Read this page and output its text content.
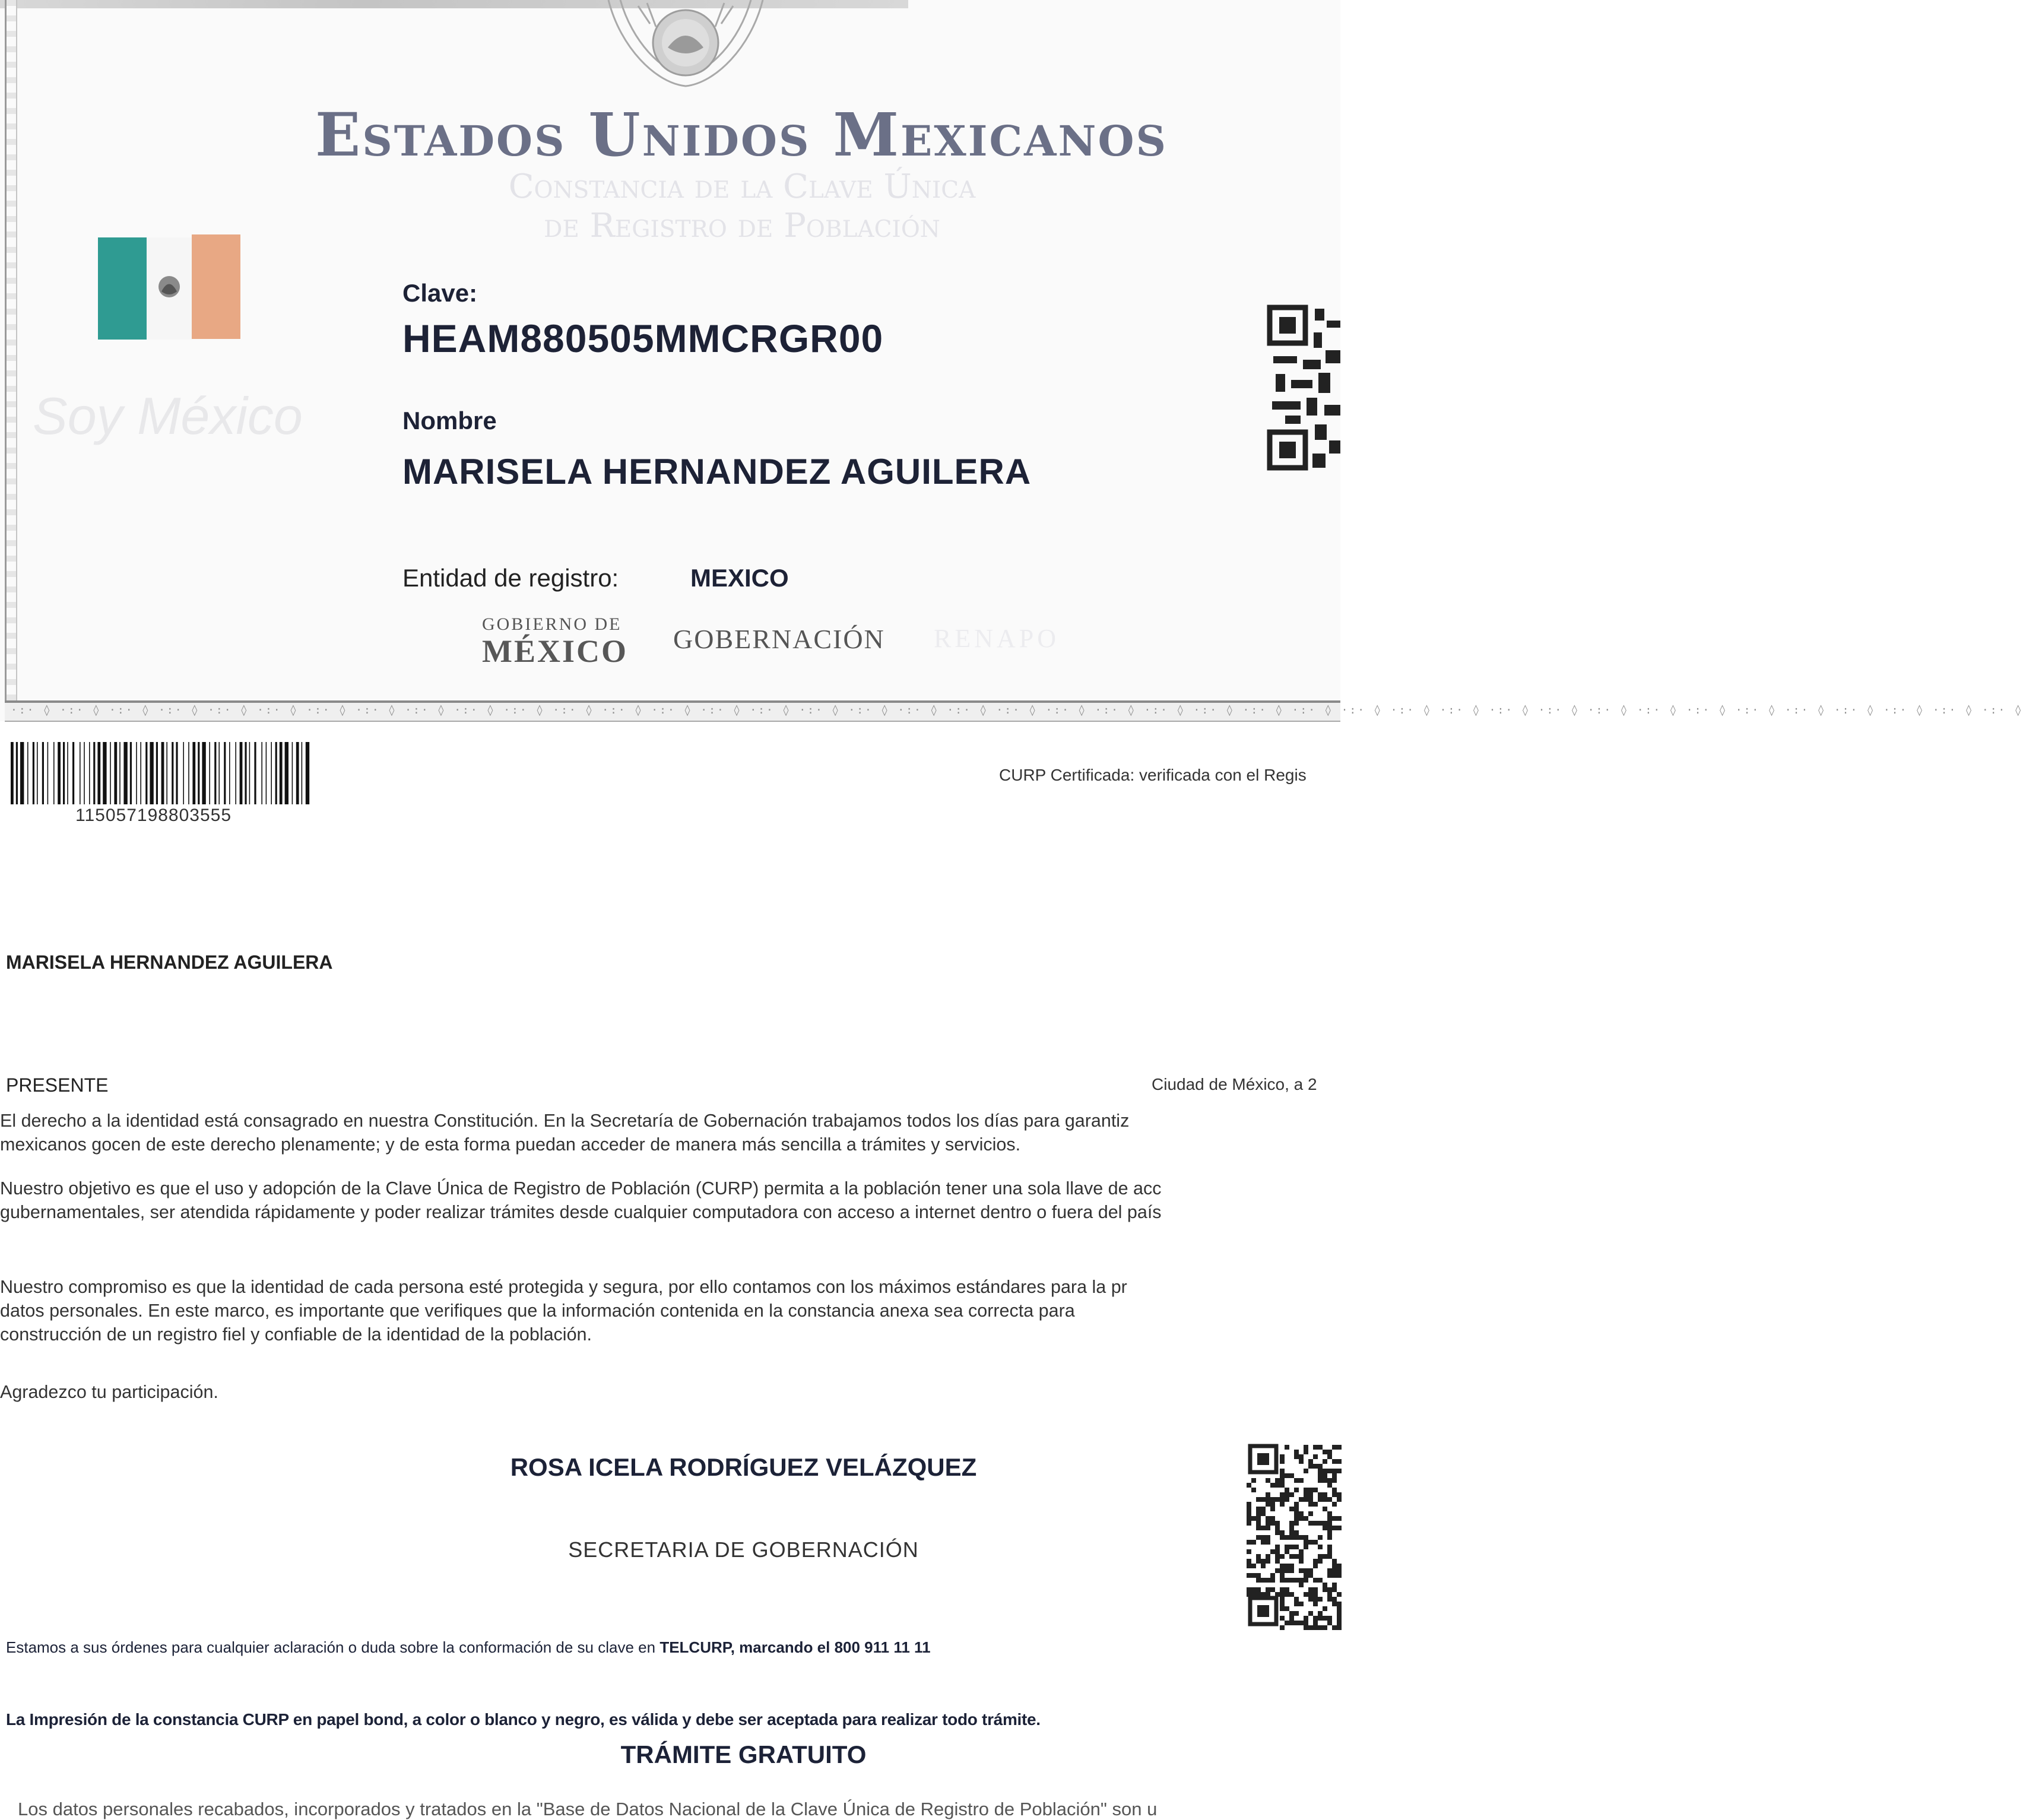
Estados Unidos Mexicanos
Constancia de la Clave Única
de Registro de Población
Soy México
Clave:
HEAM880505MMCRGR00
Nombre
MARISELA HERNANDEZ AGUILERA
Entidad de registro:	MEXICO
GOBIERNO DE
MÉXICO GOBERNACIÓN RENAPO
·:· ◊ ·:· ◊ ·:· ◊ ·:· ◊ ·:· ◊ ·:· ◊ ·:· ◊ ·:· ◊ ·:· ◊ ·:· ◊ ·:· ◊ ·:· ◊ ·:· ◊ ·:· ◊ ·:· ◊ ·:· ◊ ·:· ◊ ·:· ◊ ·:· ◊ ·:· ◊ ·:· ◊ ·:· ◊ ·:· ◊ ·:· ◊ ·:· ◊ ·:· ◊ ·:· ◊ ·:· ◊ ·:· ◊ ·:· ◊ ·:· ◊ ·:· ◊ ·:· ◊ ·:· ◊ ·:· ◊ ·:· ◊ ·:· ◊ ·:· ◊ ·:· ◊ ·:· ◊ ·:· ◊
115057198803555
CURP Certificada: verificada con el Regis
MARISELA HERNANDEZ AGUILERA
PRESENTE	Ciudad de México, a 2
El derecho a la identidad está consagrado en nuestra Constitución. En la Secretaría de Gobernación trabajamos todos los días para garantiz
mexicanos gocen de este derecho plenamente; y de esta forma puedan acceder de manera más sencilla a trámites y servicios.
Nuestro objetivo es que el uso y adopción de la Clave Única de Registro de Población (CURP) permita a la población tener una sola llave de acc
gubernamentales, ser atendida rápidamente y poder realizar trámites desde cualquier computadora con acceso a internet dentro o fuera del país
Nuestro compromiso es que la identidad de cada persona esté protegida y segura, por ello contamos con los máximos estándares para la pr
datos personales. En este marco, es importante que verifiques que la información contenida en la constancia anexa sea correcta para
construcción de un registro fiel y confiable de la identidad de la población.
Agradezco tu participación.
ROSA ICELA RODRÍGUEZ VELÁZQUEZ
SECRETARIA DE GOBERNACIÓN
Estamos a sus órdenes para cualquier aclaración o duda sobre la conformación de su clave en TELCURP, marcando el 800 911 11 11
La Impresión de la constancia CURP en papel bond, a color o blanco y negro, es válida y debe ser aceptada para realizar todo trámite.
TRÁMITE GRATUITO
Los datos personales recabados, incorporados y tratados en la "Base de Datos Nacional de la Clave Única de Registro de Población" son u
